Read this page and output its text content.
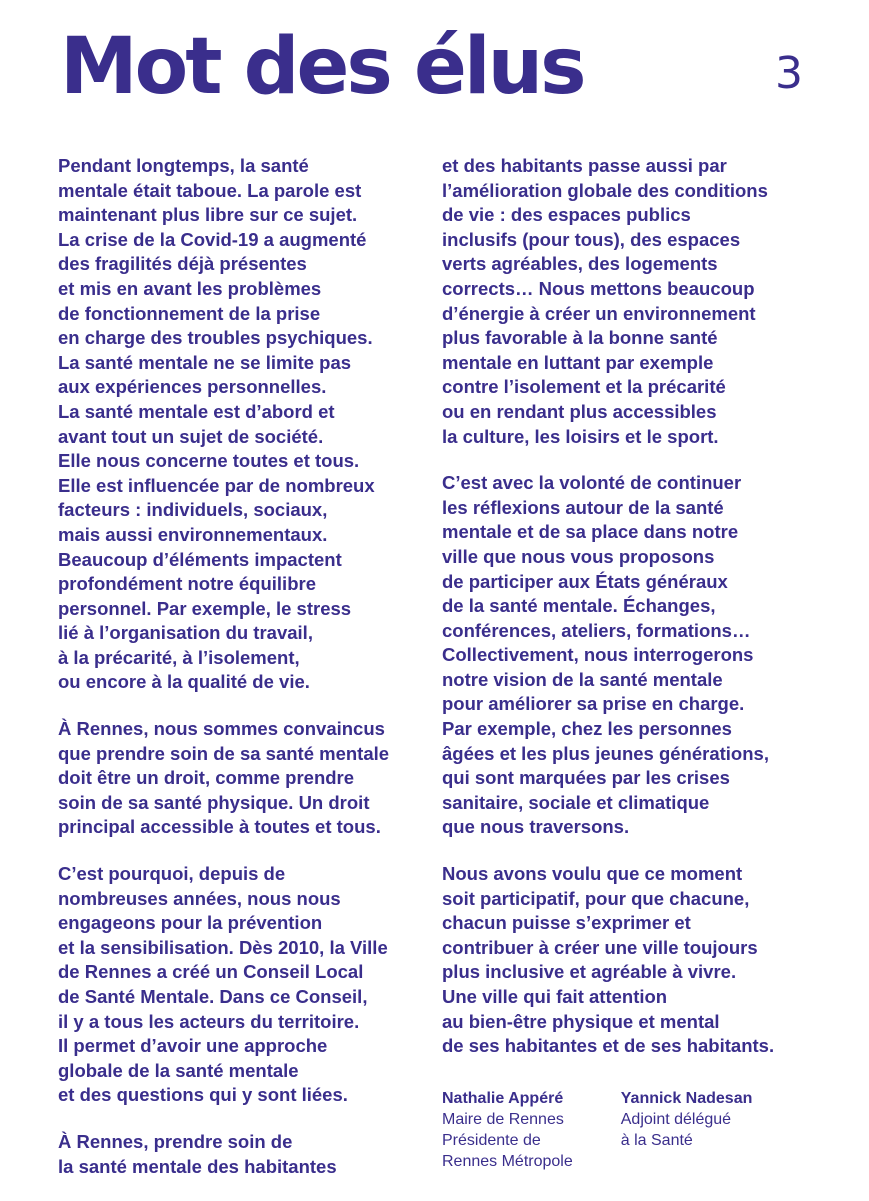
Mot des élus	3

Pendant longtemps, la santé
mentale était taboue. La parole est
maintenant plus libre sur ce sujet.
La crise de la Covid-19 a augmenté
des fragilités déjà présentes
et mis en avant les problèmes
de fonctionnement de la prise
en charge des troubles psychiques.
La santé mentale ne se limite pas
aux expériences personnelles.
La santé mentale est d’abord et
avant tout un sujet de société.
Elle nous concerne toutes et tous.
Elle est influencée par de nombreux
facteurs : individuels, sociaux,
mais aussi environnementaux.
Beaucoup d’éléments impactent
profondément notre équilibre
personnel. Par exemple, le stress
lié à l’organisation du travail,
à la précarité, à l’isolement,
ou encore à la qualité de vie.

À Rennes, nous sommes convaincus
que prendre soin de sa santé mentale
doit être un droit, comme prendre
soin de sa santé physique. Un droit
principal accessible à toutes et tous.

C’est pourquoi, depuis de
nombreuses années, nous nous
engageons pour la prévention
et la sensibilisation. Dès 2010, la Ville
de Rennes a créé un Conseil Local
de Santé Mentale. Dans ce Conseil,
il y a tous les acteurs du territoire.
Il permet d’avoir une approche
globale de la santé mentale
et des questions qui y sont liées.

À Rennes, prendre soin de
la santé mentale des habitantes

et des habitants passe aussi par
l’amélioration globale des conditions
de vie : des espaces publics
inclusifs (pour tous), des espaces
verts agréables, des logements
corrects… Nous mettons beaucoup
d’énergie à créer un environnement
plus favorable à la bonne santé
mentale en luttant par exemple
contre l’isolement et la précarité
ou en rendant plus accessibles
la culture, les loisirs et le sport.

C’est avec la volonté de continuer
les réflexions autour de la santé
mentale et de sa place dans notre
ville que nous vous proposons
de participer aux États généraux
de la santé mentale. Échanges,
conférences, ateliers, formations…
Collectivement, nous interrogerons
notre vision de la santé mentale
pour améliorer sa prise en charge.
Par exemple, chez les personnes
âgées et les plus jeunes générations,
qui sont marquées par les crises
sanitaire, sociale et climatique
que nous traversons.

Nous avons voulu que ce moment
soit participatif, pour que chacune,
chacun puisse s’exprimer et
contribuer à créer une ville toujours
plus inclusive et agréable à vivre.
Une ville qui fait attention
au bien-être physique et mental
de ses habitantes et de ses habitants.

Nathalie Appéré
Maire de Rennes
Présidente de
Rennes Métropole
Yannick Nadesan
Adjoint délégué
à la Santé
